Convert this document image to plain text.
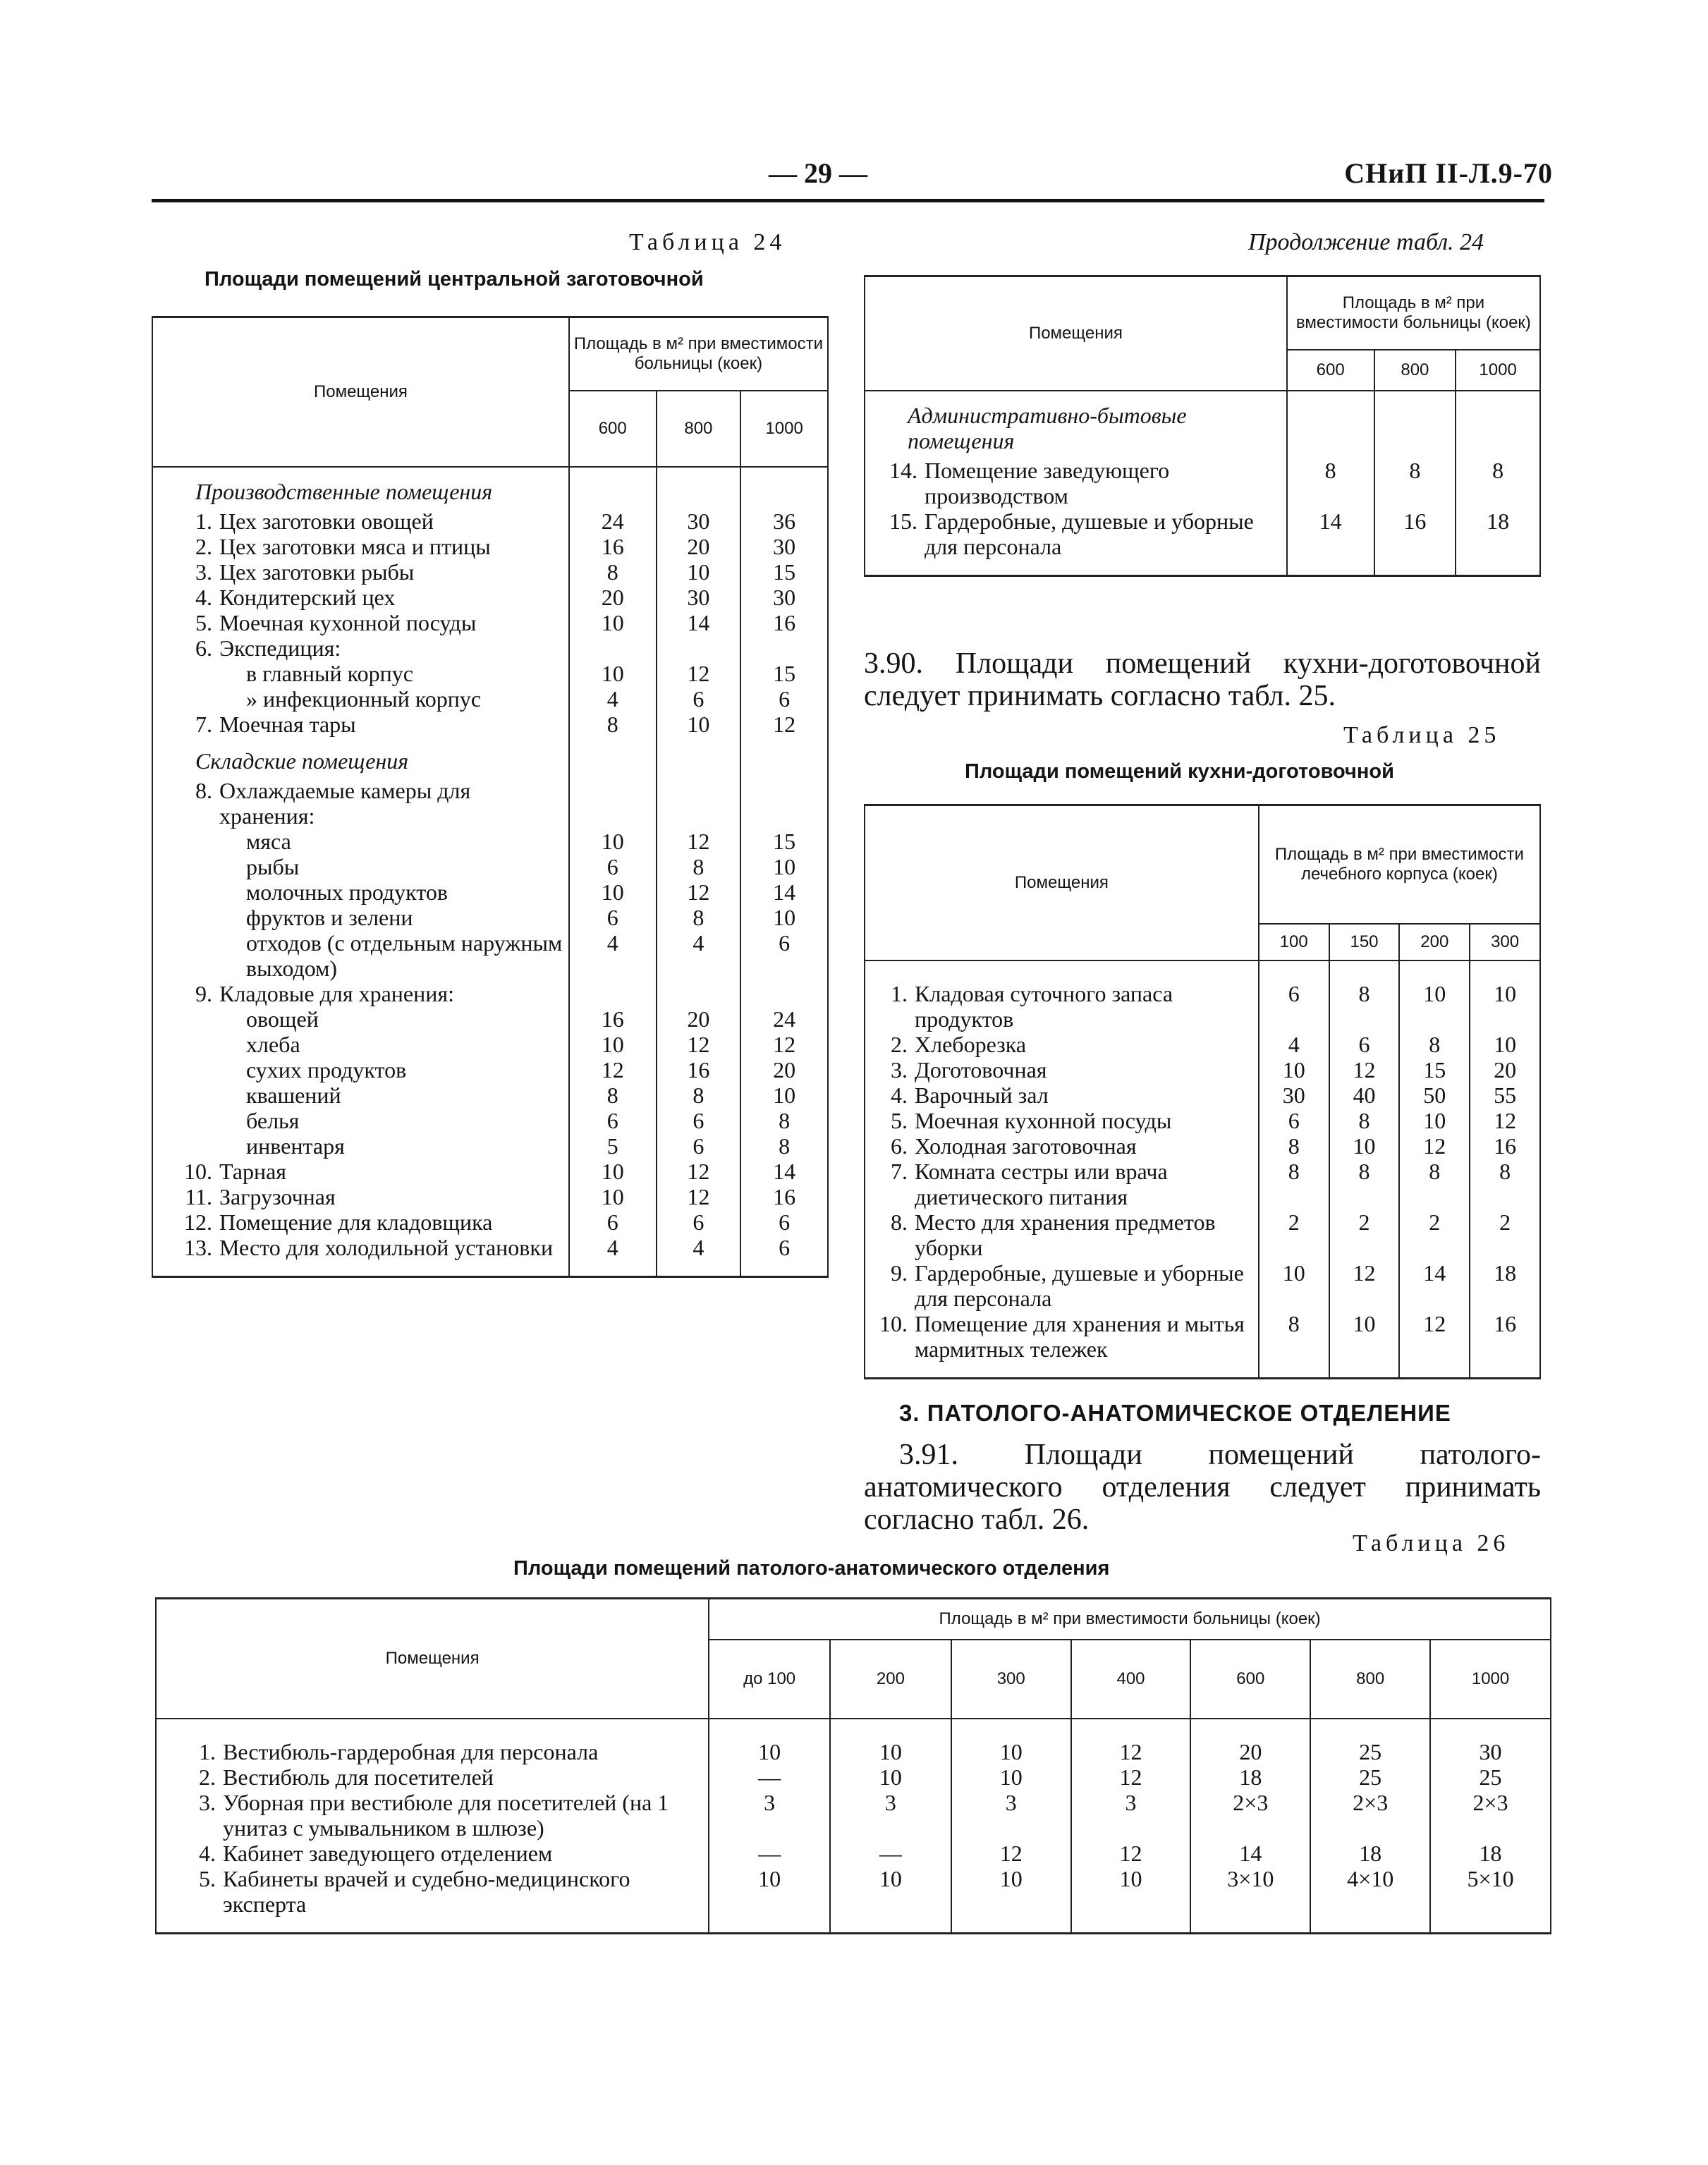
— 29 —	СНиП II-Л.9-70
Таблица 24
Площади помещений центральной заготовочной
Помещения	Площадь в м² при вместимости больницы (коек)		
	600	800	1000
Производственные помещения			
1. Цех заготовки овощей	24	30	36
2. Цех заготовки мяса и птицы	16	20	30
3. Цех заготовки рыбы	8	10	15
4. Кондитерский цех	20	30	30
5. Моечная кухонной посуды	10	14	16
6. Экспедиция:			
в главный корпус	10	12	15
» инфекционный корпус	4	6	6
7. Моечная тары	8	10	12
Складские помещения			
8. Охлаждаемые камеры для хранения:			
мяса	10	12	15
рыбы	6	8	10
молочных продуктов	10	12	14
фруктов и зелени	6	8	10
отходов (с отдельным наружным выходом)	4	4	6
9. Кладовые для хранения:			
овощей	16	20	24
хлеба	10	12	12
сухих продуктов	12	16	20
квашений	8	8	10
белья	6	6	8
инвентаря	5	6	8
10. Тарная	10	12	14
11. Загрузочная	10	12	16
12. Помещение для кладовщика	6	6	6
13. Место для холодильной установки	4	4	6
Продолжение табл. 24
Помещения	Площадь в м² при вместимости больницы (коек)		
	600	800	1000
Административно-бытовые помещения			
14. Помещение заведующего производством	8	8	8
15. Гардеробные, душевые и уборные для персонала	14	16	18
3.90. Площади помещений кухни-доготовочной следует принимать согласно табл. 25.
Таблица 25
Площади помещений кухни-доготовочной
Помещения	Площадь в м² при вместимости лечебного корпуса (коек)			
	100	150	200	300
1. Кладовая суточного запаса продуктов	6	8	10	10
2. Хлеборезка	4	6	8	10
3. Доготовочная	10	12	15	20
4. Варочный зал	30	40	50	55
5. Моечная кухонной посуды	6	8	10	12
6. Холодная заготовочная	8	10	12	16
7. Комната сестры или врача диетического питания	8	8	8	8
8. Место для хранения предметов уборки	2	2	2	2
9. Гардеробные, душевые и уборные для персонала	10	12	14	18
10. Помещение для хранения и мытья мармитных тележек	8	10	12	16
3. ПАТОЛОГО-АНАТОМИЧЕСКОЕ ОТДЕЛЕНИЕ
3.91. Площади помещений патолого-анатомического отделения следует принимать согласно табл. 26.
Таблица 26
Площади помещений патолого-анатомического отделения
Помещения	Площадь в м² при вместимости больницы (коек)						
	до 100	200	300	400	600	800	1000
1. Вестибюль-гардеробная для персонала	10	10	10	12	20	25	30
2. Вестибюль для посетителей	—	10	10	12	18	25	25
3. Уборная при вестибюле для посетителей (на 1 унитаз с умывальником в шлюзе)	3	3	3	3	2×3	2×3	2×3
4. Кабинет заведующего отделением	—	—	12	12	14	18	18
5. Кабинеты врачей и судебно-медицинского эксперта	10	10	10	10	3×10	4×10	5×10
